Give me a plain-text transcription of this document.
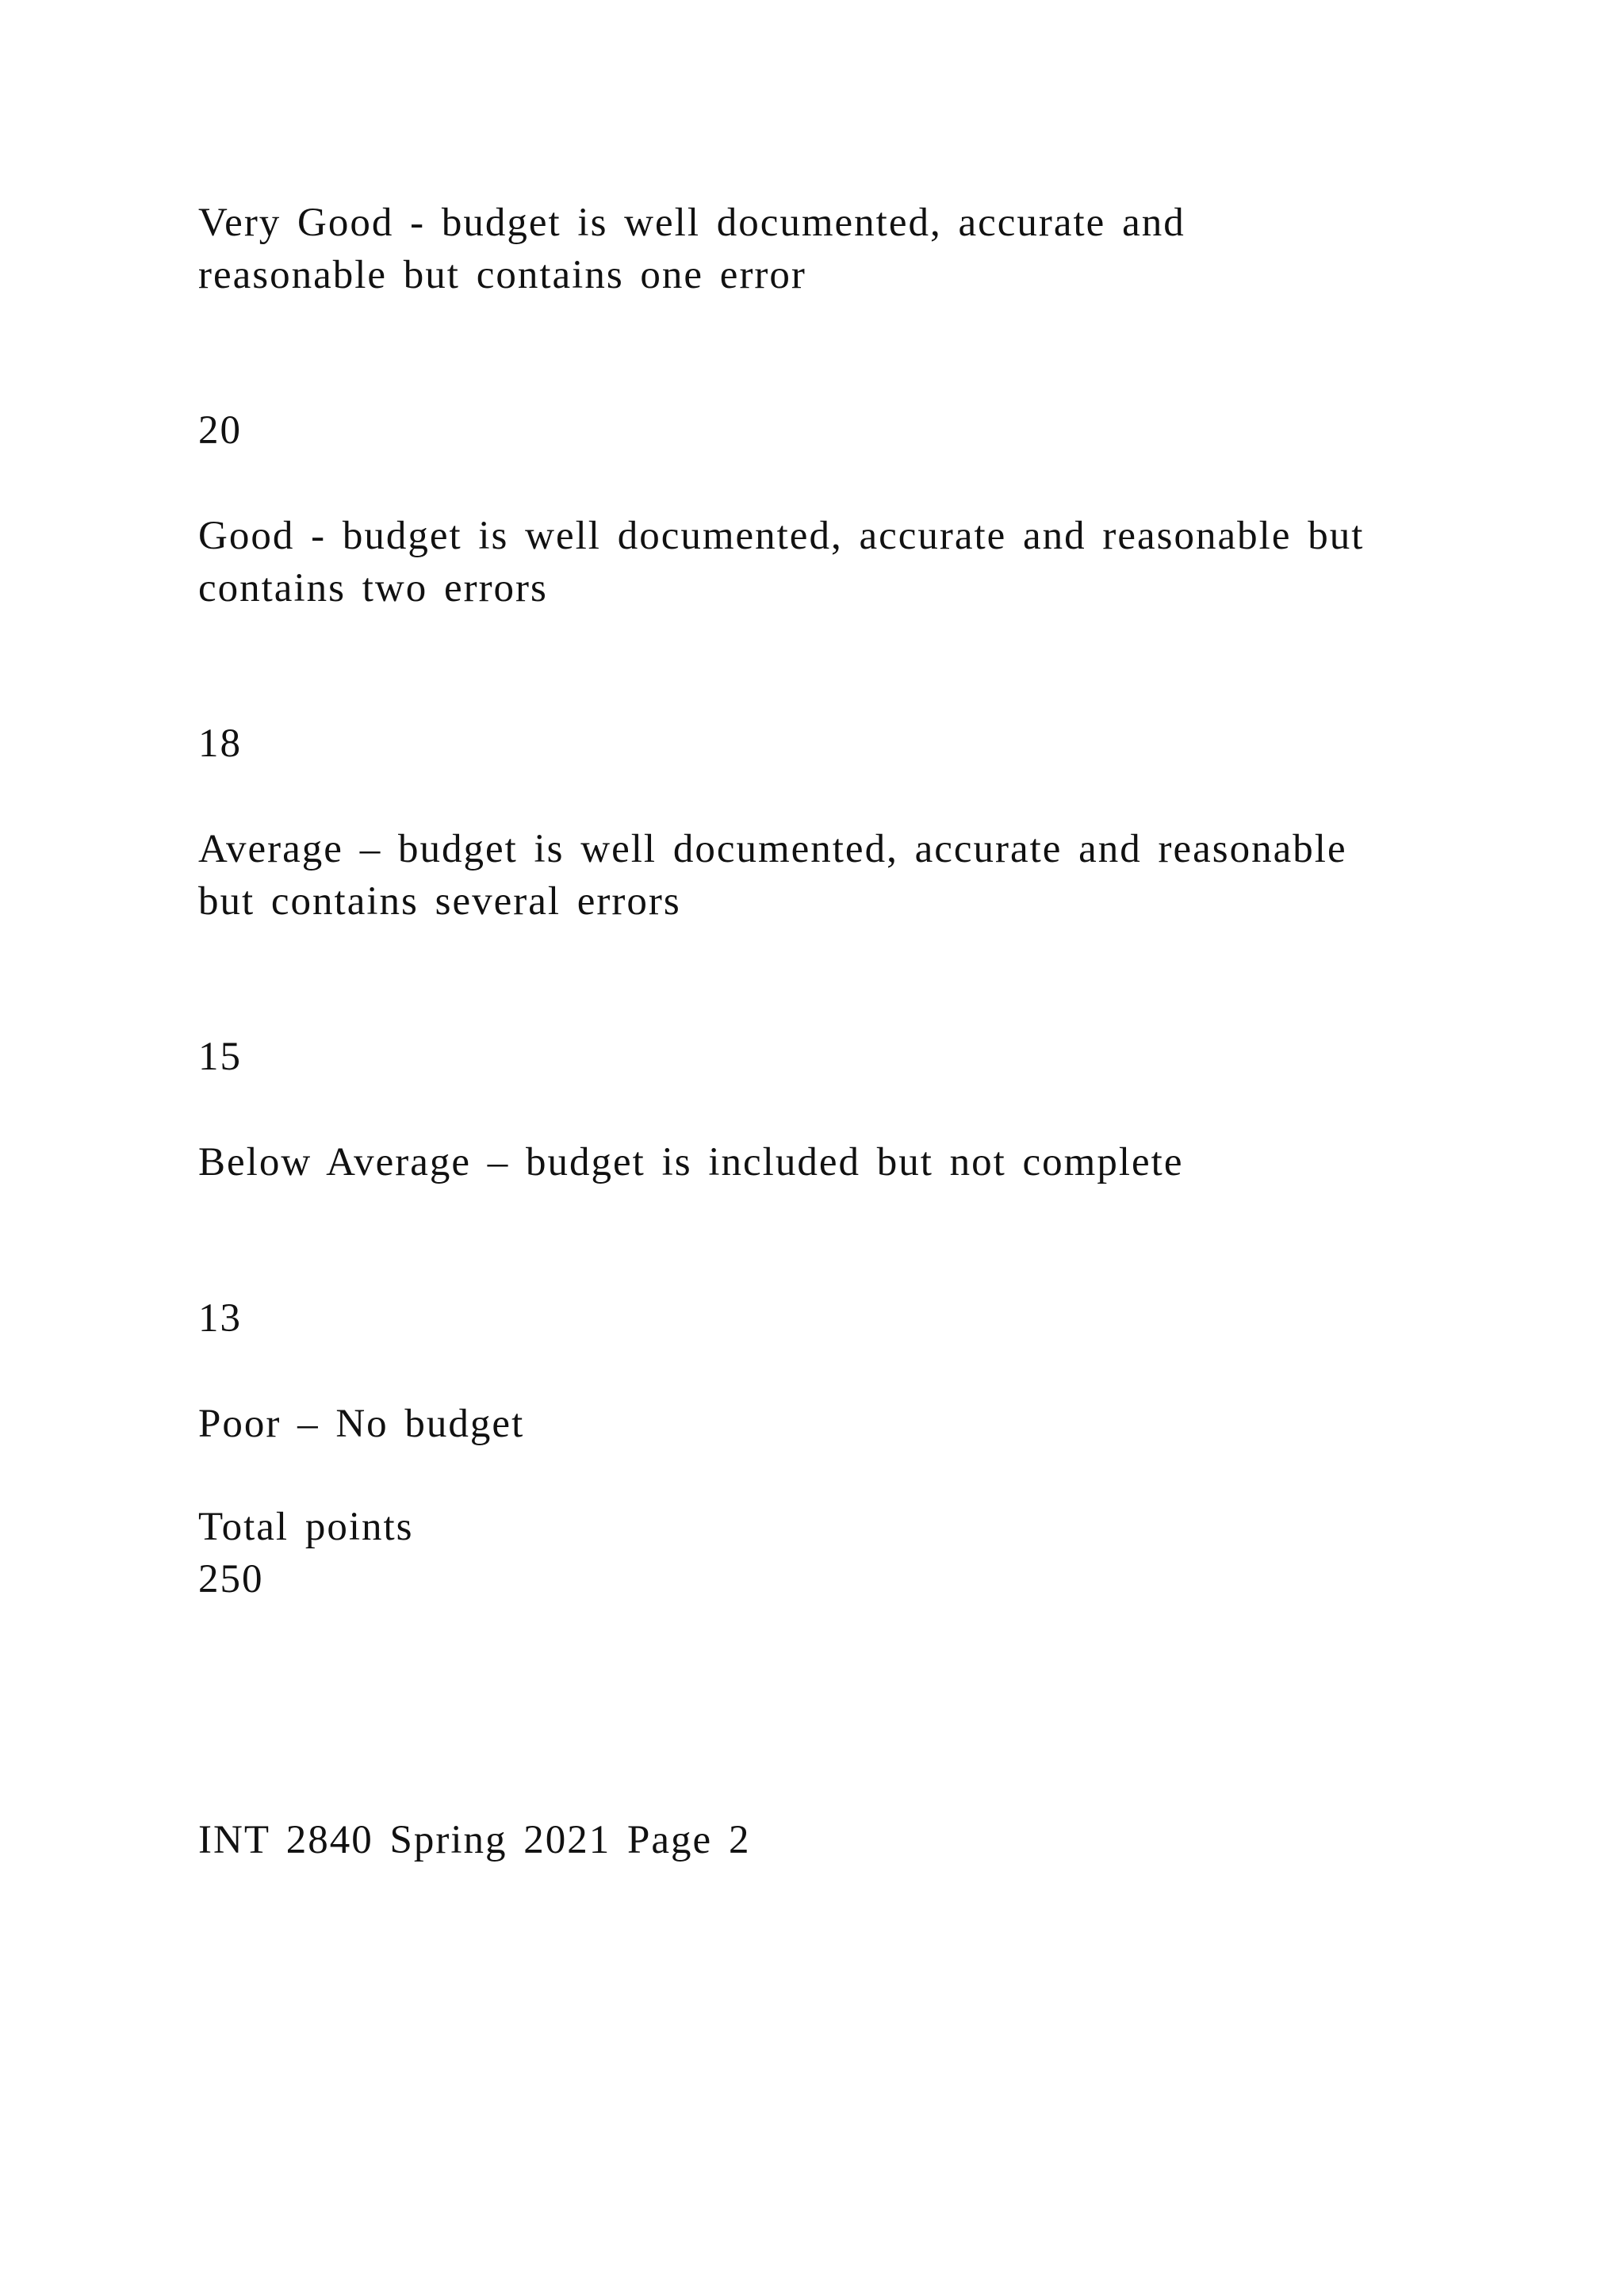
Very Good - budget is well documented, accurate and

reasonable but contains one error

20

Good - budget is well documented, accurate and reasonable but

contains two errors

18

Average – budget is well documented, accurate and reasonable

but contains several errors

15

Below Average – budget is included but not complete

13

Poor – No budget

Total points

250

INT 2840 Spring 2021 Page 2
